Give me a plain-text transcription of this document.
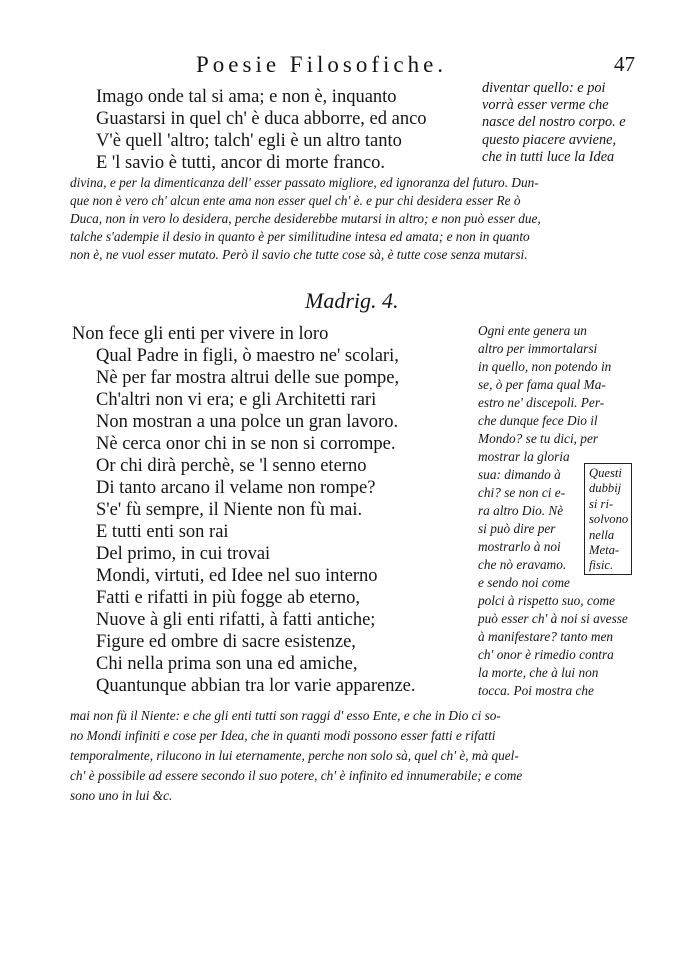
Poesie Filosofiche.	47
Imago onde tal si ama; e non è, inquanto
Guastarsi in quel ch' è duca abborre, ed anco
V'è quell 'altro; talch' egli è un altro tanto
E 'l savio è tutti, ancor di morte franco.
diventar quello: e poi
vorrà esser verme che
nasce del nostro corpo. e
questo piacere avviene,
che in tutti luce la Idea
divina, e per la dimenticanza dell' esser passato migliore, ed ignoranza del futuro. Dun-
que non è vero ch' alcun ente ama non esser quel ch' è. e pur chi desidera esser Re ò
Duca, non in vero lo desidera, perche desiderebbe mutarsi in altro; e non può esser due,
talche s'adempie il desio in quanto è per similitudine intesa ed amata; e non in quanto
non è, ne vuol esser mutato. Però il savio che tutte cose sà, è tutte cose senza mutarsi.
Madrig. 4.
Non fece gli enti per vivere in loro
Qual Padre in figli, ò maestro ne' scolari,
Nè per far mostra altrui delle sue pompe,
Ch'altri non vi era; e gli Architetti rari
Non mostran a una polce un gran lavoro.
Nè cerca onor chi in se non si corrompe.
Or chi dirà perchè, se 'l senno eterno
Di tanto arcano il velame non rompe?
S'e' fù sempre, il Niente non fù mai.
E tutti enti son rai
Del primo, in cui trovai
Mondi, virtuti, ed Idee nel suo interno
Fatti e rifatti in più fogge ab eterno,
Nuove à gli enti rifatti, à fatti antiche;
Figure ed ombre di sacre esistenze,
Chi nella prima son una ed amiche,
Quantunque abbian tra lor varie apparenze.
Ogni ente genera un
altro per immortalarsi
in quello, non potendo in
se, ò per fama qual Ma-
estro ne' discepoli. Per-
che dunque fece Dio il
Mondo? se tu dici, per
mostrar la gloria
sua: dimando à
chi? se non ci e-
ra altro Dio. Nè
si può dire per
mostrarlo à noi
che nò eravamo.
e sendo noi come
Questi
dubbij
si ri-
solvono
nella
Meta-
fisic.
polci à rispetto suo, come
può esser ch' à noi si avesse
à manifestare? tanto men
ch' onor è rimedio contra
la morte, che à lui non
tocca. Poi mostra che
mai non fù il Niente: e che gli enti tutti son raggi d' esso Ente, e che in Dio ci so-
no Mondi infiniti e cose per Idea, che in quanti modi possono esser fatti e rifatti
temporalmente, rilucono in lui eternamente, perche non solo sà, quel ch' è, mà quel-
ch' è possibile ad essere secondo il suo potere, ch' è infinito ed innumerabile; e come
sono uno in lui &c.
